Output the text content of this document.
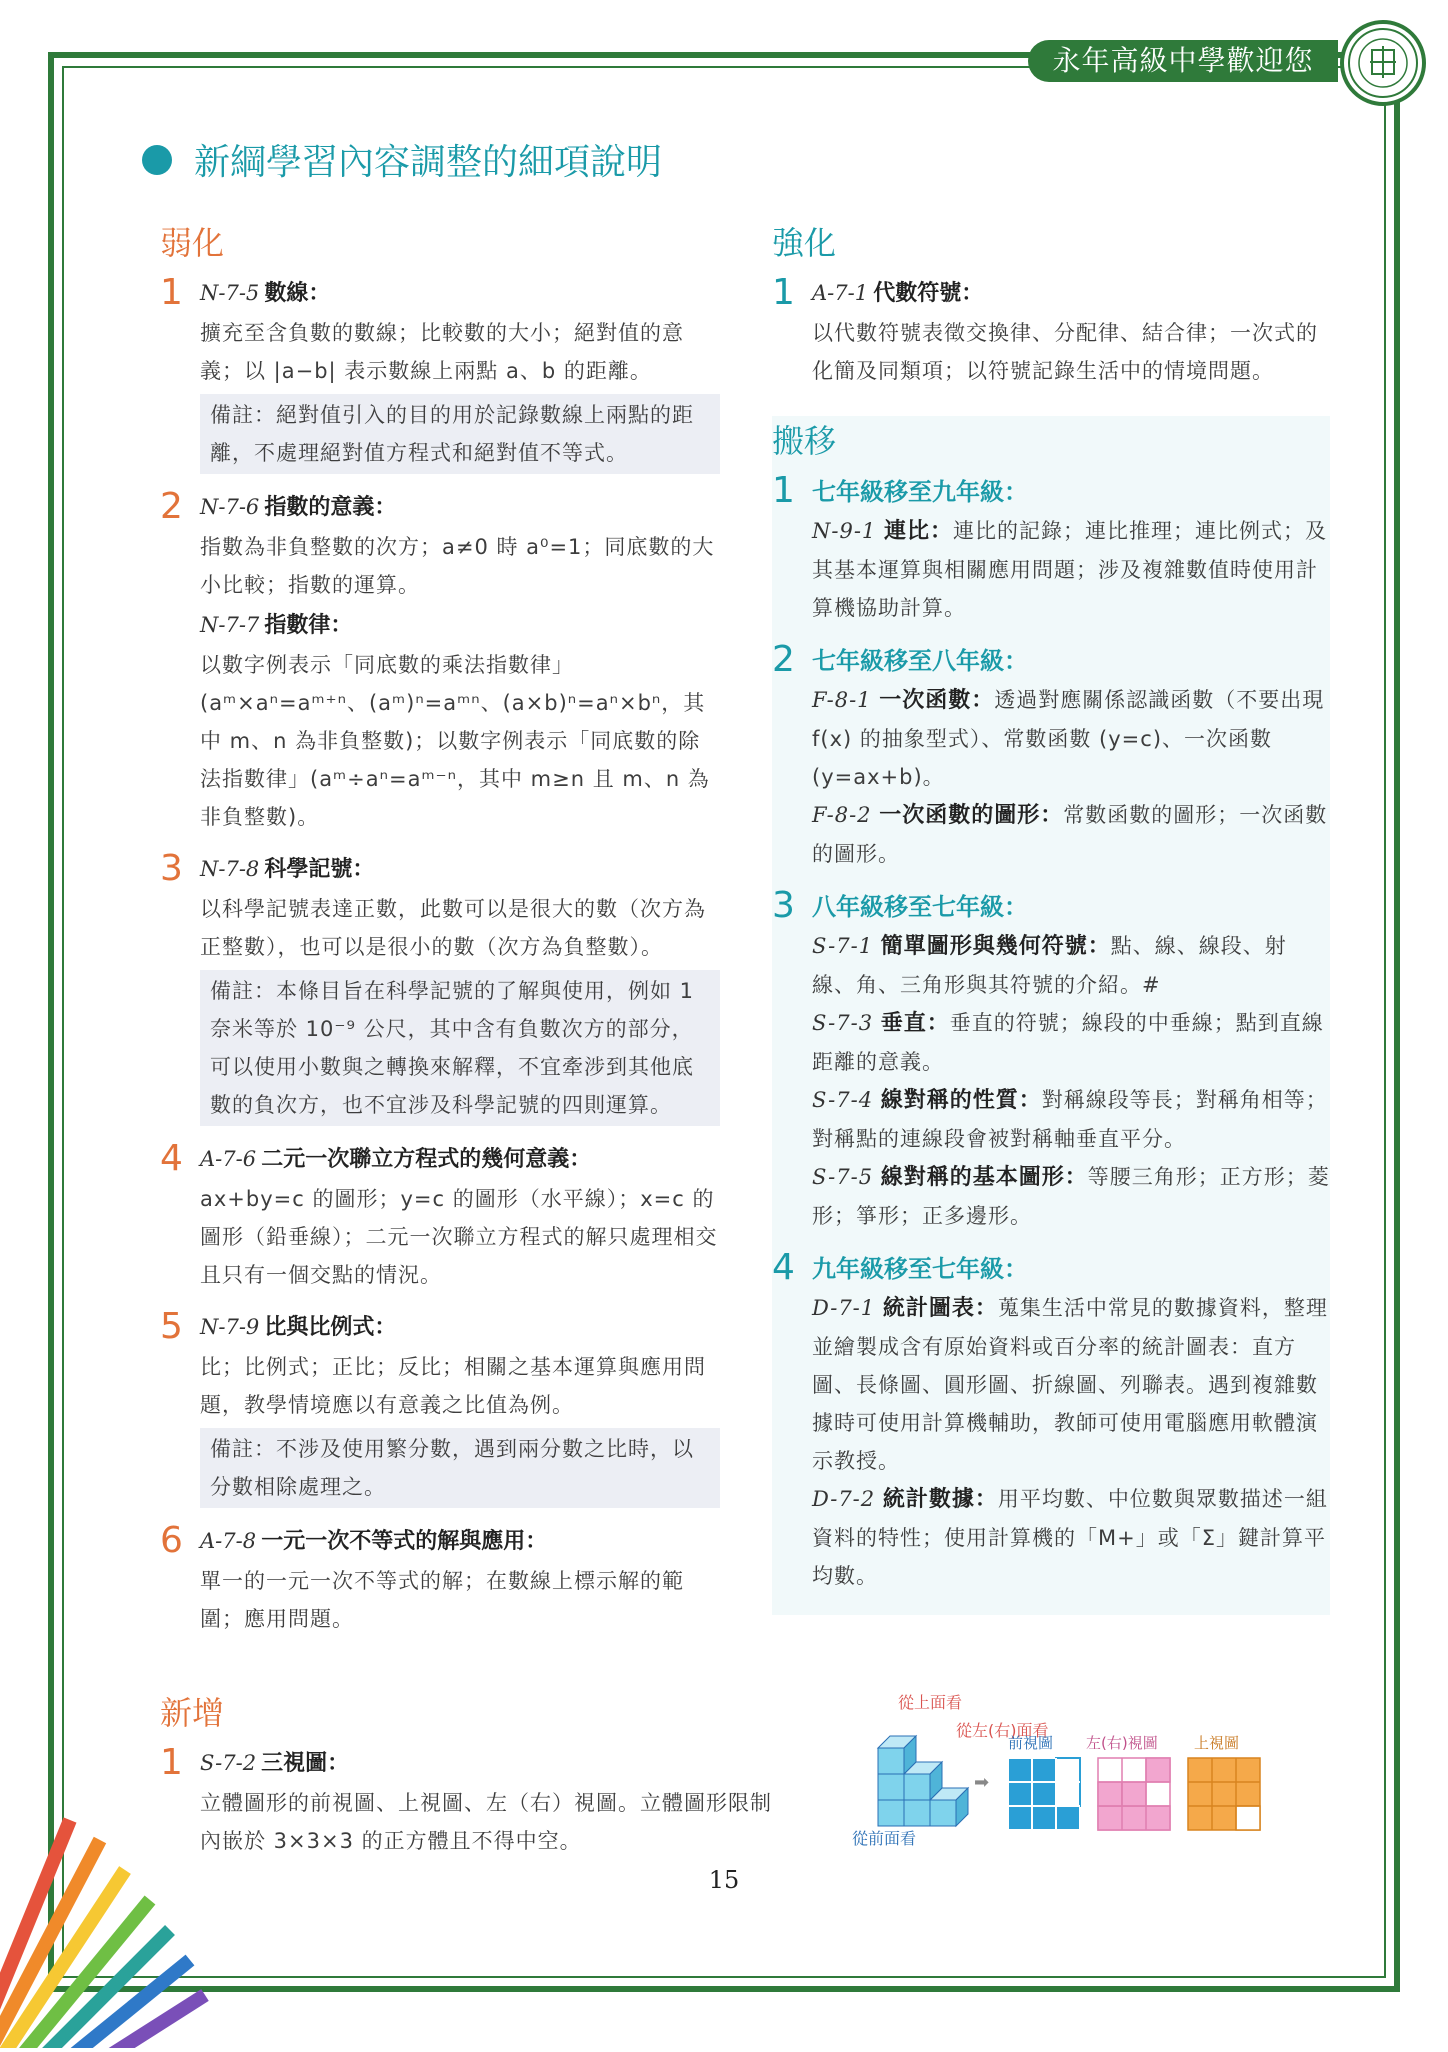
永年高級中學歡迎您
新綱學習內容調整的細項說明
弱化
1 N-7-5 數線：
擴充至含負數的數線；比較數的大小；絕對值的意義；以 |a−b| 表示數線上兩點 a、b 的距離。
備註：絕對值引入的目的用於記錄數線上兩點的距離，不處理絕對值方程式和絕對值不等式。
2 N-7-6 指數的意義：
指數為非負整數的次方；a≠0 時 a⁰=1；同底數的大小比較；指數的運算。
N-7-7 指數律：
以數字例表示「同底數的乘法指數律」(aᵐ×aⁿ=aᵐ⁺ⁿ、(aᵐ)ⁿ=aᵐⁿ、(a×b)ⁿ=aⁿ×bⁿ，其中 m、n 為非負整數)；以數字例表示「同底數的除法指數律」(aᵐ÷aⁿ=aᵐ⁻ⁿ，其中 m≥n 且 m、n 為非負整數)。
3 N-7-8 科學記號：
以科學記號表達正數，此數可以是很大的數（次方為正整數），也可以是很小的數（次方為負整數）。
備註：本條目旨在科學記號的了解與使用，例如 1 奈米等於 10⁻⁹ 公尺，其中含有負數次方的部分，可以使用小數與之轉換來解釋，不宜牽涉到其他底數的負次方，也不宜涉及科學記號的四則運算。
4 A-7-6 二元一次聯立方程式的幾何意義：
ax+by=c 的圖形；y=c 的圖形（水平線）；x=c 的圖形（鉛垂線）；二元一次聯立方程式的解只處理相交且只有一個交點的情況。
5 N-7-9 比與比例式：
比；比例式；正比；反比；相關之基本運算與應用問題，教學情境應以有意義之比值為例。
備註：不涉及使用繁分數，遇到兩分數之比時，以分數相除處理之。
6 A-7-8 一元一次不等式的解與應用：
單一的一元一次不等式的解；在數線上標示解的範圍；應用問題。
強化
1 A-7-1 代數符號：
以代數符號表徵交換律、分配律、結合律；一次式的化簡及同類項；以符號記錄生活中的情境問題。
搬移
1 七年級移至九年級：
N-9-1 連比：連比的記錄；連比推理；連比例式；及其基本運算與相關應用問題；涉及複雜數值時使用計算機協助計算。
2 七年級移至八年級：
F-8-1 一次函數：透過對應關係認識函數（不要出現 f(x) 的抽象型式）、常數函數 (y=c)、一次函數 (y=ax+b)。
F-8-2 一次函數的圖形：常數函數的圖形；一次函數的圖形。
3 八年級移至七年級：
S-7-1 簡單圖形與幾何符號：點、線、線段、射線、角、三角形與其符號的介紹。#
S-7-3 垂直：垂直的符號；線段的中垂線；點到直線距離的意義。
S-7-4 線對稱的性質：對稱線段等長；對稱角相等；對稱點的連線段會被對稱軸垂直平分。
S-7-5 線對稱的基本圖形：等腰三角形；正方形；菱形；箏形；正多邊形。
4 九年級移至七年級：
D-7-1 統計圖表：蒐集生活中常見的數據資料，整理並繪製成含有原始資料或百分率的統計圖表：直方圖、長條圖、圓形圖、折線圖、列聯表。遇到複雜數據時可使用計算機輔助，教師可使用電腦應用軟體演示教授。
D-7-2 統計數據：用平均數、中位數與眾數描述一組資料的特性；使用計算機的「M+」或「Σ」鍵計算平均數。
新增
1 S-7-2 三視圖：
立體圖形的前視圖、上視圖、左（右）視圖。立體圖形限制內嵌於 3×3×3 的正方體且不得中空。
從上面看
從左(右)面看
從前面看
➡
前視圖 左(右)視圖 上視圖
15
